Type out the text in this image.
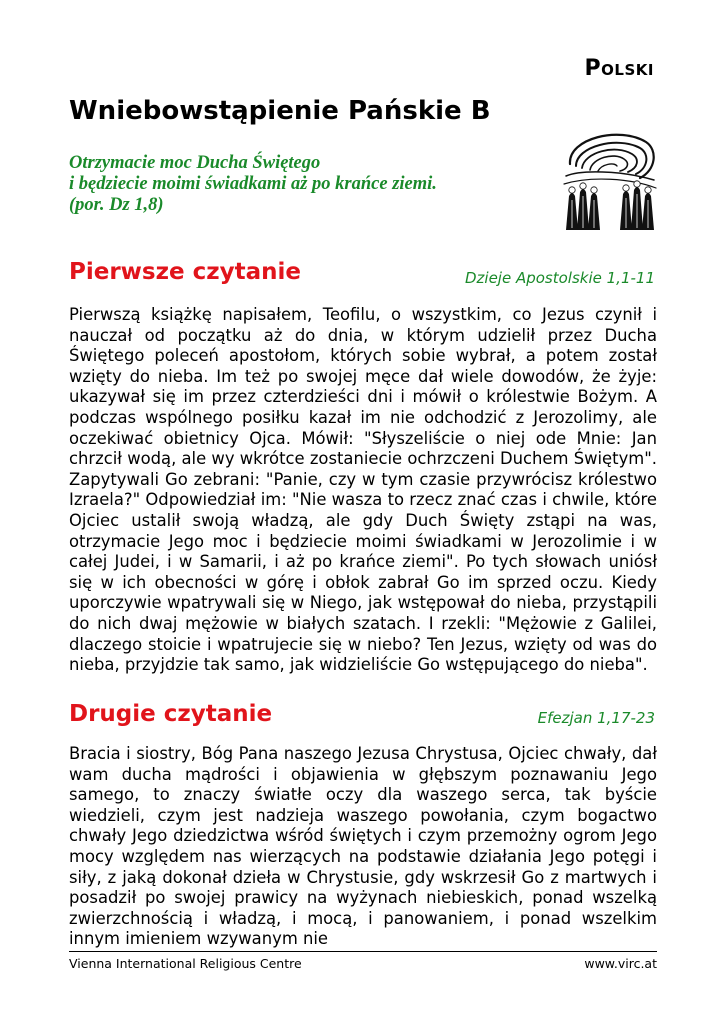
Polski
Wniebowstąpienie Pańskie B
Otrzymacie moc Ducha Świętego
i będziecie moimi świadkami aż po krańce ziemi.
(por. Dz 1,8)
Pierwsze czytanie	Dzieje Apostolskie 1,1-11

Pierwszą książkę napisałem, Teofilu, o wszystkim, co Jezus czynił i nauczał od początku aż do dnia, w którym udzielił przez Ducha Świętego poleceń apostołom, których sobie wybrał, a potem został wzięty do nieba. Im też po swojej męce dał wiele dowodów, że żyje: ukazywał się im przez czterdzieści dni i mówił o królestwie Bożym. A podczas wspólnego posiłku kazał im nie odchodzić z Jerozolimy, ale oczekiwać obietnicy Ojca. Mówił: "Słyszeliście o niej ode Mnie: Jan chrzcił wodą, ale wy wkrótce zostaniecie ochrzczeni Duchem Świętym". Zapytywali Go zebrani: "Panie, czy w tym czasie przywrócisz królestwo Izraela?" Odpowiedział im: "Nie wasza to rzecz znać czas i chwile, które Ojciec ustalił swoją władzą, ale gdy Duch Święty zstąpi na was, otrzymacie Jego moc i będziecie moimi świadkami w Jerozolimie i w całej Judei, i w Samarii, i aż po krańce ziemi". Po tych słowach uniósł się w ich obecności w górę i obłok zabrał Go im sprzed oczu. Kiedy uporczywie wpatrywali się w Niego, jak wstępował do nieba, przystąpili do nich dwaj mężowie w białych szatach. I rzekli: "Mężowie z Galilei, dlaczego stoicie i wpatrujecie się w niebo? Ten Jezus, wzięty od was do nieba, przyjdzie tak samo, jak widzieliście Go wstępującego do nieba".

Drugie czytanie	Efezjan 1,17-23

Bracia i siostry, Bóg Pana naszego Jezusa Chrystusa, Ojciec chwały, dał wam ducha mądrości i objawienia w głębszym poznawaniu Jego samego, to znaczy światłe oczy dla waszego serca, tak byście wiedzieli, czym jest nadzieja waszego powołania, czym bogactwo chwały Jego dziedzictwa wśród świętych i czym przemożny ogrom Jego mocy względem nas wierzących na podstawie działania Jego potęgi i siły, z jaką dokonał dzieła w Chrystusie, gdy wskrzesił Go z martwych i posadził po swojej prawicy na wyżynach niebieskich, ponad wszelką zwierzchnością i władzą, i mocą, i panowaniem, i ponad wszelkim innym imieniem wzywanym nie

Vienna International Religious Centre	www.virc.at
